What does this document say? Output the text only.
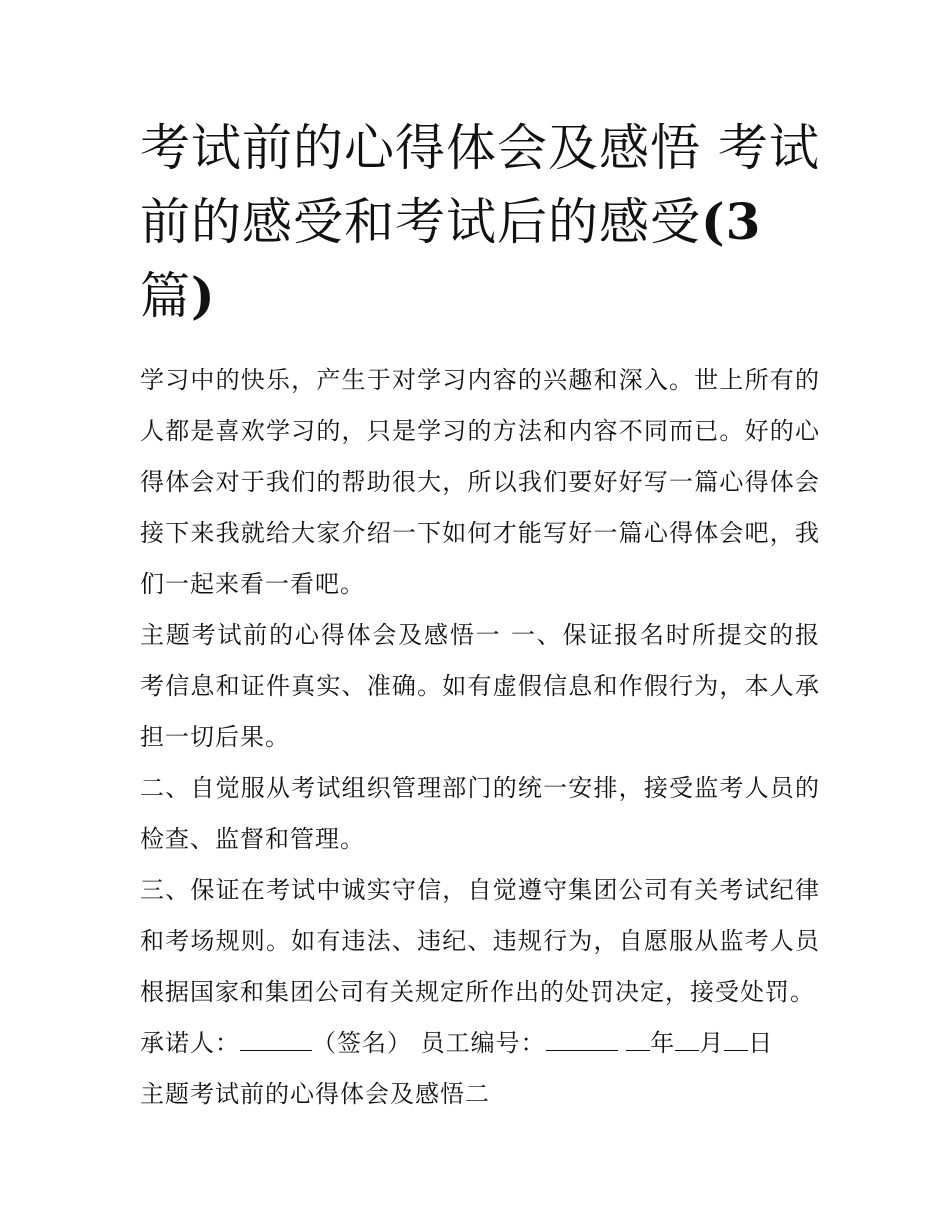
考试前的心得体会及感悟 考试前的感受和考试后的感受(3篇)

学习中的快乐，产生于对学习内容的兴趣和深入。世上所有的人都是喜欢学习的，只是学习的方法和内容不同而已。好的心得体会对于我们的帮助很大，所以我们要好好写一篇心得体会接下来我就给大家介绍一下如何才能写好一篇心得体会吧，我们一起来看一看吧。

主题考试前的心得体会及感悟一 一、保证报名时所提交的报考信息和证件真实、准确。如有虚假信息和作假行为，本人承担一切后果。

二、自觉服从考试组织管理部门的统一安排，接受监考人员的检查、监督和管理。

三、保证在考试中诚实守信，自觉遵守集团公司有关考试纪律和考场规则。如有违法、违纪、违规行为，自愿服从监考人员根据国家和集团公司有关规定所作出的处罚决定，接受处罚。

承诺人：	（签名） 员工编号：	年 月 日

主题考试前的心得体会及感悟二
